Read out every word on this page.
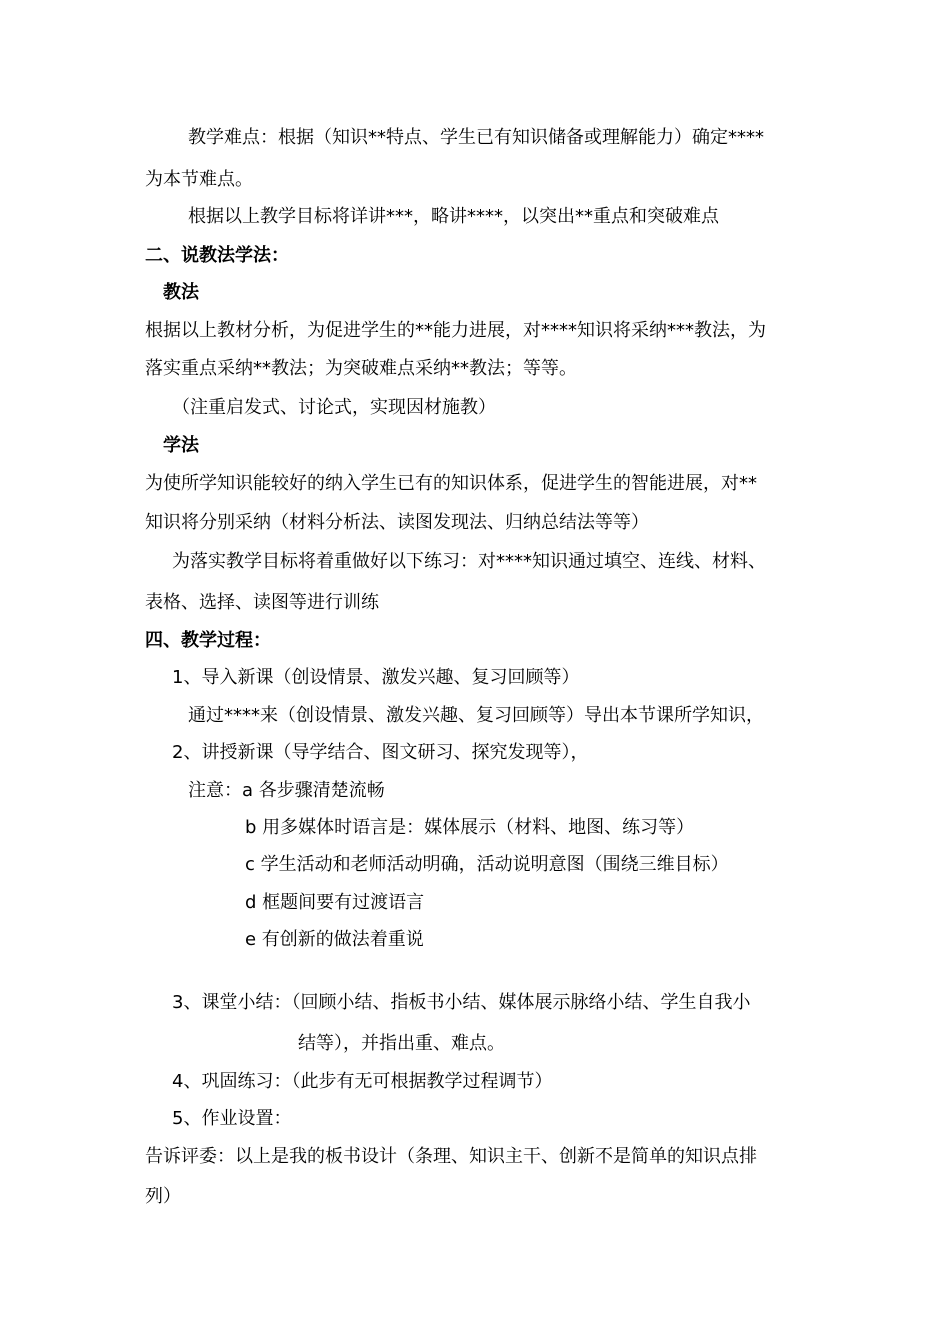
教学难点：根据（知识**特点、学生已有知识储备或理解能力）确定****
为本节难点。
根据以上教学目标将详讲***，略讲****，以突出**重点和突破难点
二、说教法学法：
教法
根据以上教材分析，为促进学生的**能力进展，对****知识将采纳***教法，为
落实重点采纳**教法；为突破难点采纳**教法；等等。
（注重启发式、讨论式，实现因材施教）
学法
为使所学知识能较好的纳入学生已有的知识体系，促进学生的智能进展，对**
知识将分别采纳（材料分析法、读图发现法、归纳总结法等等）
为落实教学目标将着重做好以下练习：对****知识通过填空、连线、材料、
表格、选择、读图等进行训练
四、教学过程：
1、导入新课（创设情景、激发兴趣、复习回顾等）
通过****来（创设情景、激发兴趣、复习回顾等）导出本节课所学知识，
2、讲授新课（导学结合、图文研习、探究发现等），
注意：a 各步骤清楚流畅
b 用多媒体时语言是：媒体展示（材料、地图、练习等）
c 学生活动和老师活动明确，活动说明意图（围绕三维目标）
d 框题间要有过渡语言
e 有创新的做法着重说
3、课堂小结：（回顾小结、指板书小结、媒体展示脉络小结、学生自我小
结等），并指出重、难点。
4、巩固练习：（此步有无可根据教学过程调节）
5、作业设置：
告诉评委：以上是我的板书设计（条理、知识主干、创新不是简单的知识点排
列）
